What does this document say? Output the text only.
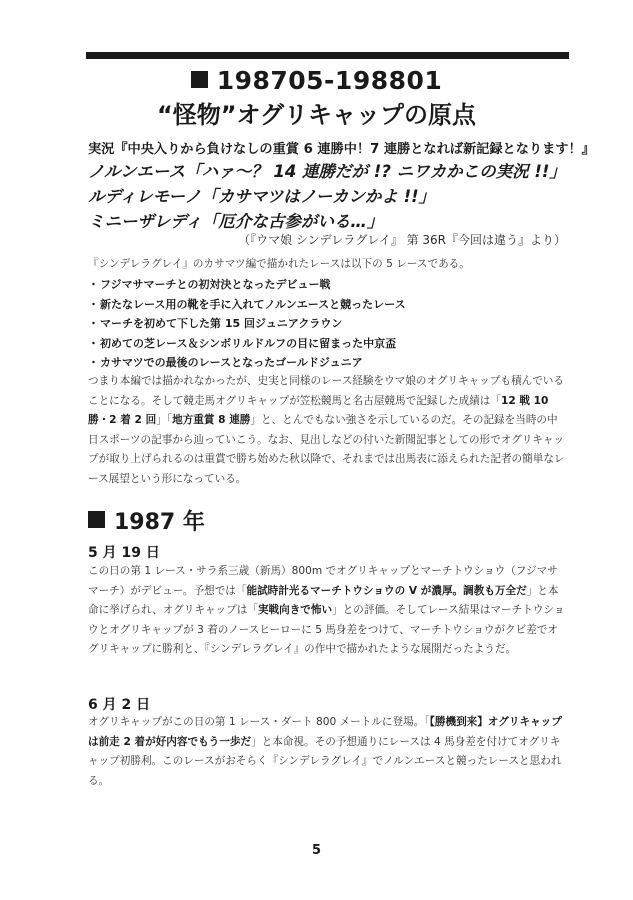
198705-198801
“怪物”オグリキャップの原点
実況『中央入りから負けなしの重賞 6 連勝中！7 連勝となれば新記録となります！』
ノルンエース「ハァ～？ 14 連勝だが !? ニワカかこの実況 !!」
ルディレモーノ「カサマツはノーカンかよ !!」
ミニーザレディ「厄介な古参がいる…」
（『ウマ娘 シンデレラグレイ』 第 36R『今回は違う』より）
『シンデレラグレイ』のカサマツ編で描かれたレースは以下の 5 レースである。
・フジマサマーチとの初対決となったデビュー戦
・新たなレース用の靴を手に入れてノルンエースと競ったレース
・マーチを初めて下した第 15 回ジュニアクラウン
・初めての芝レース＆シンボリルドルフの目に留まった中京盃
・カサマツでの最後のレースとなったゴールドジュニア
つまり本編では描かれなかったが、史実と同様のレース経験をウマ娘のオグリキャップも積んでいることになる。そして競走馬オグリキャップが笠松競馬と名古屋競馬で記録した成績は「12 戦 10 勝・2 着 2 回」「地方重賞 8 連勝」と、とんでもない強さを示しているのだ。その記録を当時の中日スポーツの記事から辿っていこう。なお、見出しなどの付いた新聞記事としての形でオグリキャップが取り上げられるのは重賞で勝ち始めた秋以降で、それまでは出馬表に添えられた記者の簡単なレース展望という形になっている。
1987 年
5 月 19 日
この日の第 1 レース・サラ系三歳（新馬）800m でオグリキャップとマーチトウショウ（フジマサマーチ）がデビュー。予想では「能試時計光るマーチトウショウの V が濃厚。調教も万全だ」と本命に挙げられ、オグリキャップは「実戦向きで怖い」との評価。そしてレース結果はマーチトウショウとオグリキャップが 3 着のノースヒーローに 5 馬身差をつけて、マーチトウショウがクビ差でオグリキャップに勝利と、『シンデレラグレイ』の作中で描かれたような展開だったようだ。
6 月 2 日
オグリキャップがこの日の第 1 レース・ダート 800 メートルに登場。「【勝機到来】オグリキャップは前走 2 着が好内容でもう一歩だ」と本命視。その予想通りにレースは 4 馬身差を付けてオグリキャップ初勝利。このレースがおそらく『シンデレラグレイ』でノルンエースと競ったレースと思われる。
5
